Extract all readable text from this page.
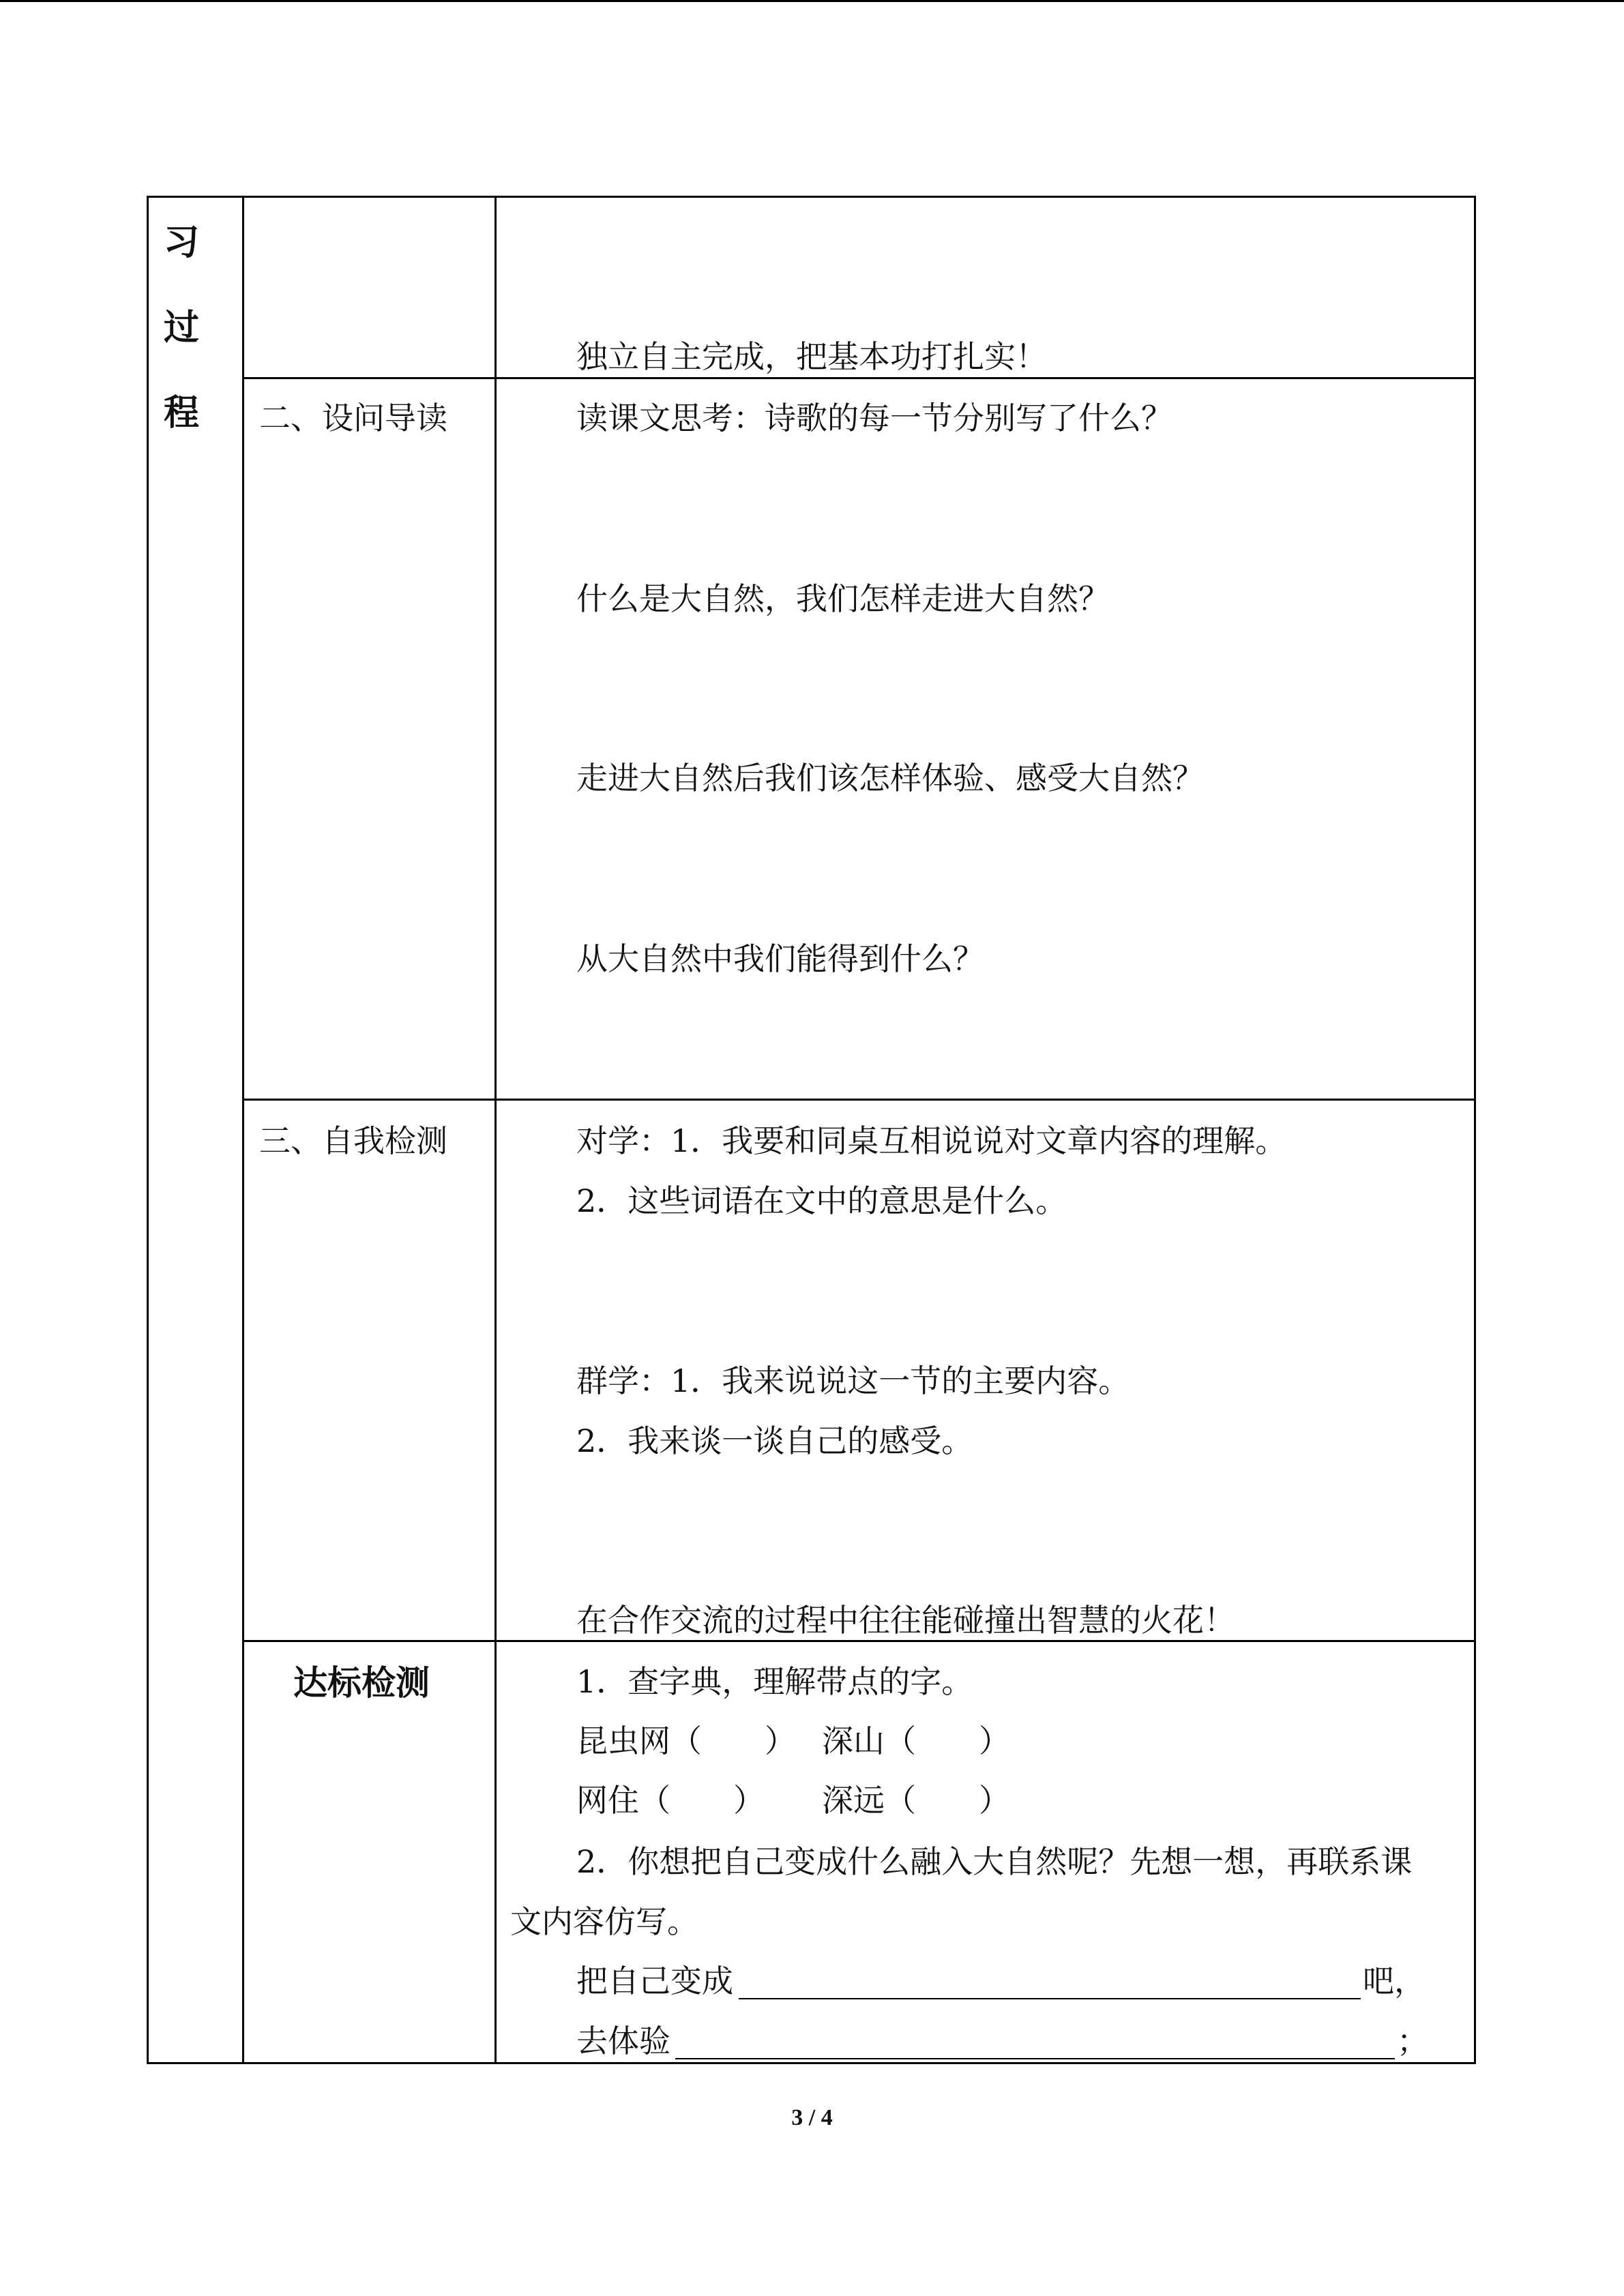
习
过
程
独立自主完成，把基本功打扎实！
二、设问导读	读课文思考：诗歌的每一节分别写了什么？
什么是大自然，我们怎样走进大自然？
走进大自然后我们该怎样体验、感受大自然？
从大自然中我们能得到什么？
三、自我检测	对学：1．我要和同桌互相说说对文章内容的理解。
2．这些词语在文中的意思是什么。
群学：1．我来说说这一节的主要内容。
2．我来谈一谈自己的感受。
在合作交流的过程中往往能碰撞出智慧的火花！
达标检测	1．查字典，理解带点的字。
昆虫网（　　） 深山（　　）
网住（　　） 深远（　　）
2．你想把自己变成什么融入大自然呢？先想一想，再联系课
文内容仿写。
把自己变成	吧，
去体验	；
3 / 4
